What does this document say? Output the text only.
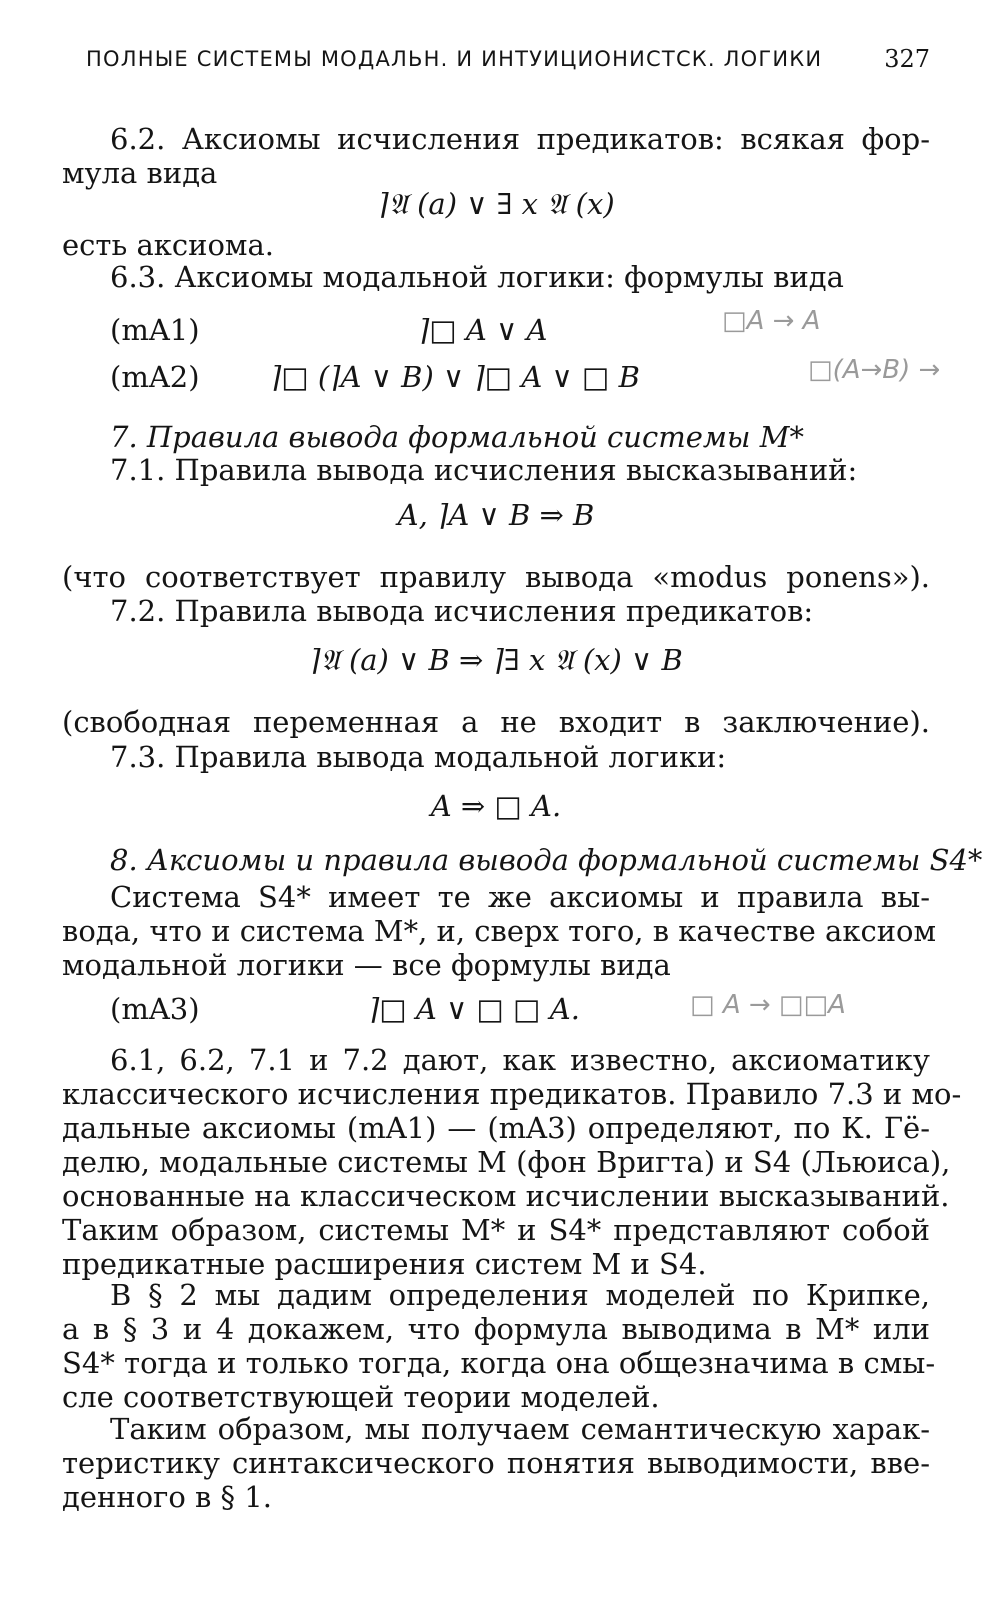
ПОЛНЫЕ СИСТЕМЫ МОДАЛЬН. И ИНТУИЦИОНИСТСК. ЛОГИКИ	327
6.2. Аксиомы исчисления предикатов: всякая фор-
мула вида
⌉𝔄 (a) ∨ ∃ x 𝔄 (x)
есть аксиома.
6.3. Аксиомы модальной логики: формулы вида
(mA1)	⌉□ A ∨ A	□A → A
(mA2) ⌉□ (⌉A ∨ B) ∨ ⌉□ A ∨ □ B	□(A→B) →
7. Правила вывода формальной системы M*
7.1. Правила вывода исчисления высказываний:
A, ⌉A ∨ B ⇒ B
(что соответствует правилу вывода «modus ponens»).
7.2. Правила вывода исчисления предикатов:
⌉𝔄 (a) ∨ B ⇒ ⌉∃ x 𝔄 (x) ∨ B
(свободная переменная a не входит в заключение).
7.3. Правила вывода модальной логики:
A ⇒ □ A.
8. Аксиомы и правила вывода формальной системы S4*
Система S4* имеет те же аксиомы и правила вы-
вода, что и система M*, и, сверх того, в качестве аксиом
модальной логики — все формулы вида
(mA3)	⌉□ A ∨ □ □ A.	□ A → □□A
6.1, 6.2, 7.1 и 7.2 дают, как известно, аксиоматику
классического исчисления предикатов. Правило 7.3 и мо-
дальные аксиомы (mA1) — (mA3) определяют, по К. Гё-
делю, модальные системы M (фон Вригта) и S4 (Льюиса),
основанные на классическом исчислении высказываний.
Таким образом, системы M* и S4* представляют собой
предикатные расширения систем M и S4.
В § 2 мы дадим определения моделей по Крипке,
а в § 3 и 4 докажем, что формула выводима в M* или
S4* тогда и только тогда, когда она общезначима в смы-
сле соответствующей теории моделей.
Таким образом, мы получаем семантическую харак-
теристику синтаксического понятия выводимости, вве-
денного в § 1.
